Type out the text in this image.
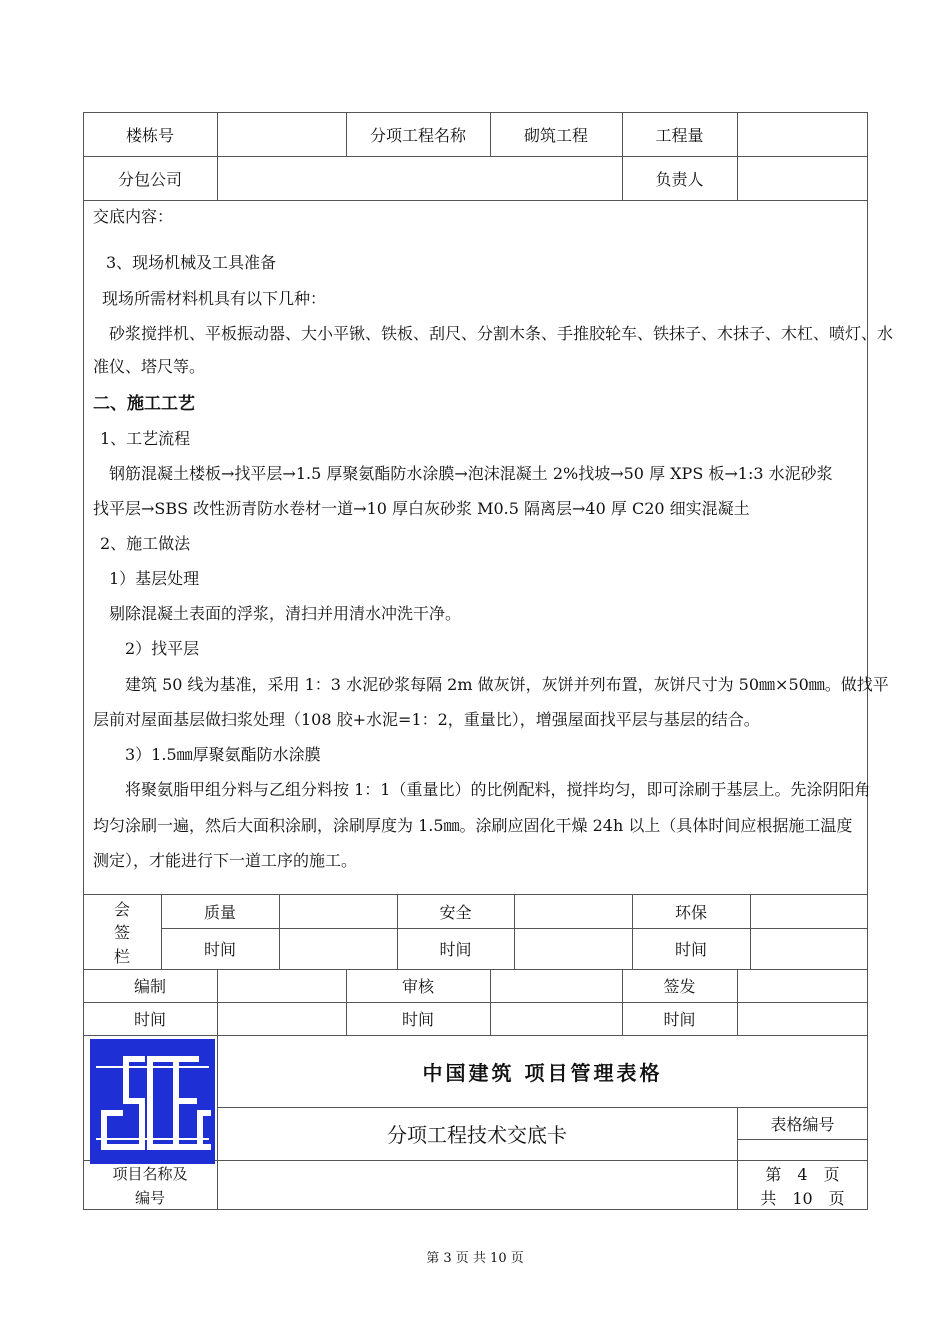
楼栋号	分项工程名称	砌筑工程	工程量
分包公司	负责人
交底内容：
3、现场机械及工具准备
现场所需材料机具有以下几种：
砂浆搅拌机、平板振动器、大小平锹、铁板、刮尺、分割木条、手推胶轮车、铁抹子、木抹子、木杠、喷灯、水
准仪、塔尺等。
二、施工工艺
1、工艺流程
钢筋混凝土楼板→找平层→1.5 厚聚氨酯防水涂膜→泡沫混凝土 2%找坡→50 厚 XPS 板→1:3 水泥砂浆
找平层→SBS 改性沥青防水卷材一道→10 厚白灰砂浆 M0.5 隔离层→40 厚 C20 细实混凝土
2、施工做法
1）基层处理
剔除混凝土表面的浮浆，清扫并用清水冲洗干净。
2）找平层
建筑 50 线为基准，采用 1：3 水泥砂浆每隔 2m 做灰饼，灰饼并列布置，灰饼尺寸为 50㎜×50㎜。做找平
层前对屋面基层做扫浆处理（108 胶+水泥=1：2，重量比），增强屋面找平层与基层的结合。
3）1.5㎜厚聚氨酯防水涂膜
将聚氨脂甲组分料与乙组分料按 1：1（重量比）的比例配料，搅拌均匀，即可涂刷于基层上。先涂阴阳角
均匀涂刷一遍，然后大面积涂刷，涂刷厚度为 1.5㎜。涂刷应固化干燥 24h 以上（具体时间应根据施工温度
测定），才能进行下一道工序的施工。
会
签
栏
质量	安全	环保
时间	时间	时间
编制	审核	签发
时间	时间	时间
中国建筑 项目管理表格
分项工程技术交底卡	表格编号
项目名称及
编号
第　4　页
共　10　页
第 3 页 共 10 页
